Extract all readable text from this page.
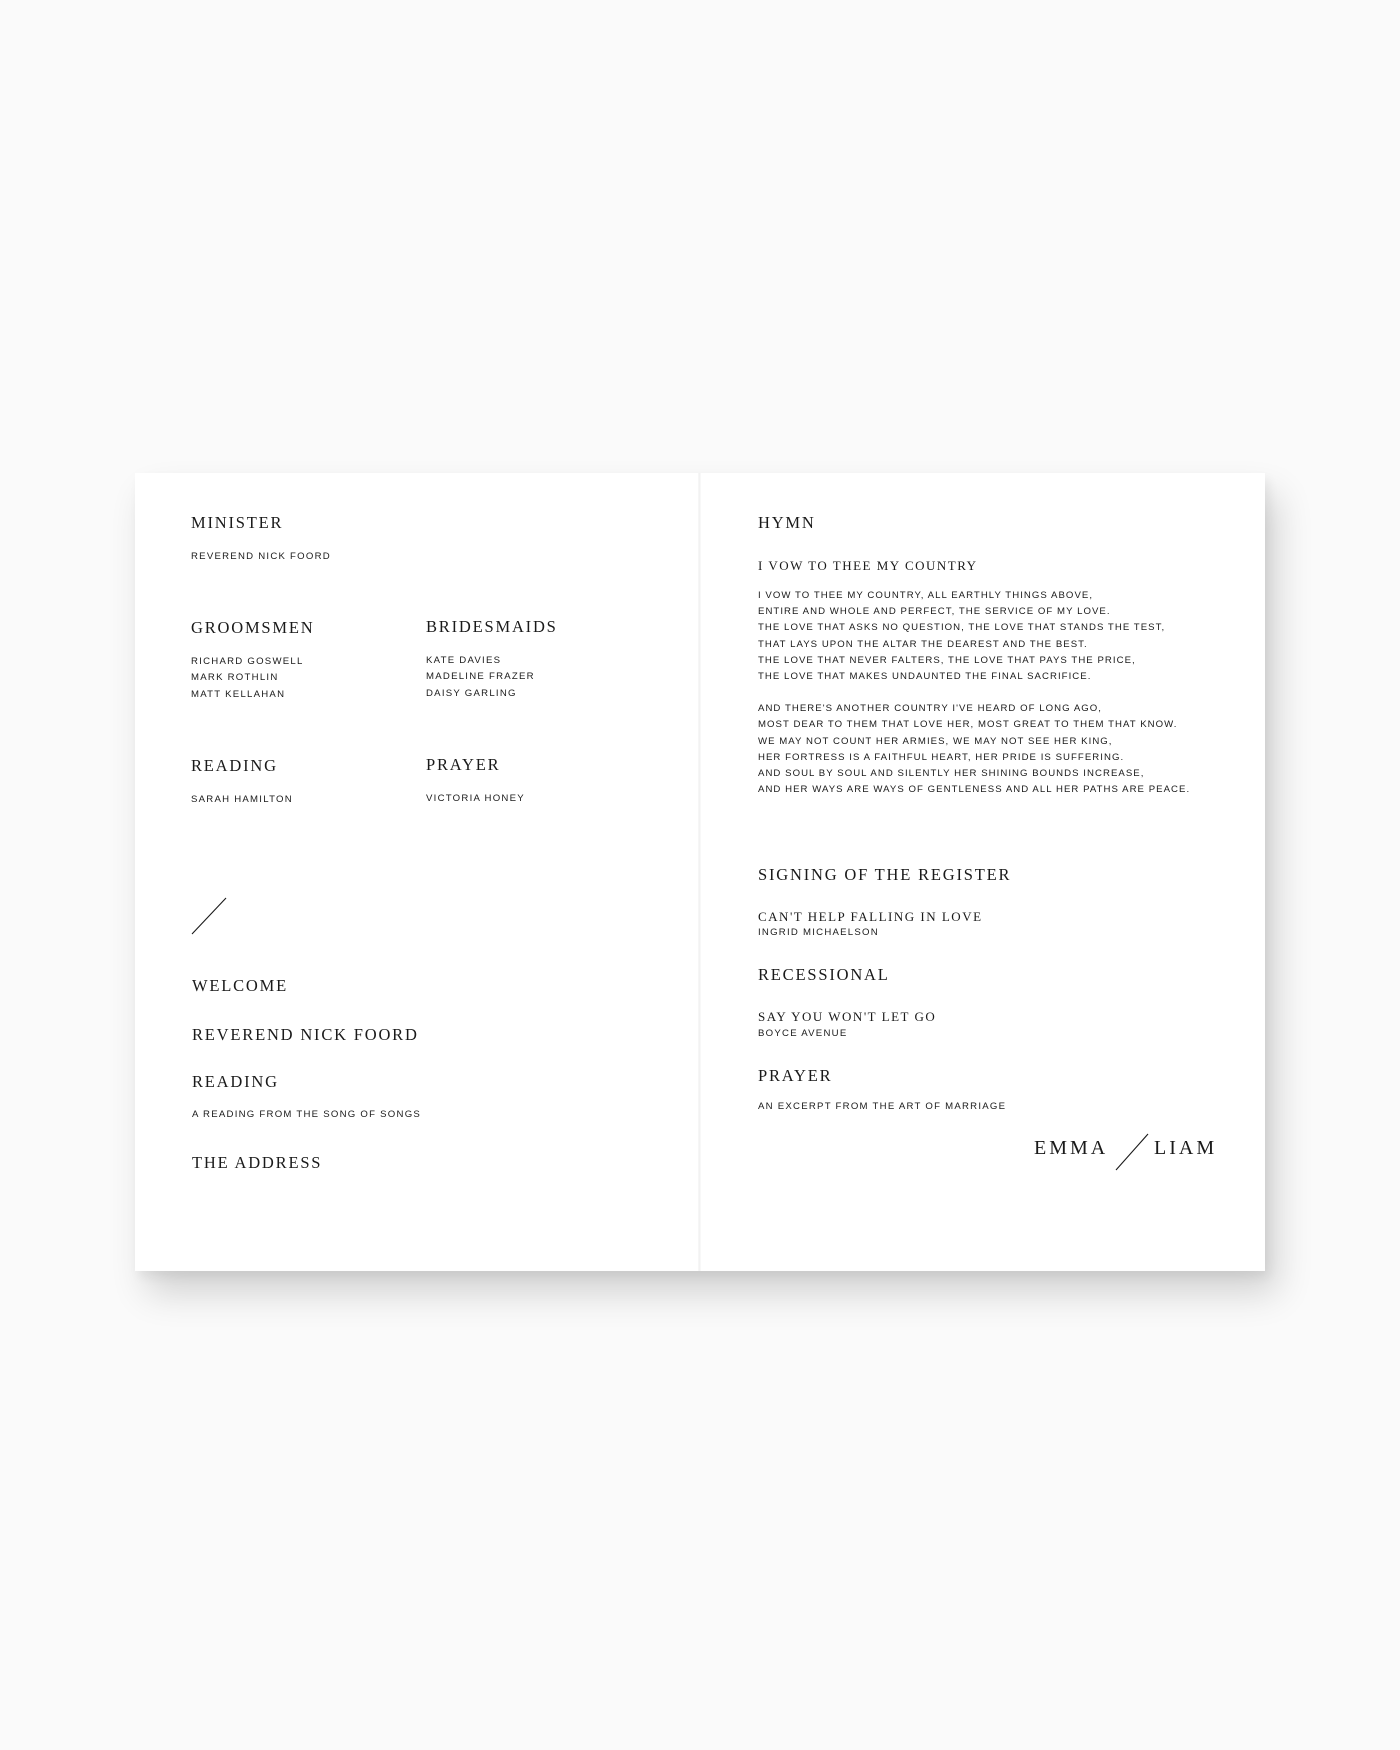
MINISTER
REVEREND NICK FOORD
GROOMSMEN
RICHARD GOSWELL
MARK ROTHLIN
MATT KELLAHAN
BRIDESMAIDS
KATE DAVIES
MADELINE FRAZER
DAISY GARLING
READING
SARAH HAMILTON
PRAYER
VICTORIA HONEY
WELCOME
REVEREND NICK FOORD
READING
A READING FROM THE SONG OF SONGS
THE ADDRESS
HYMN
I VOW TO THEE MY COUNTRY
I VOW TO THEE MY COUNTRY, ALL EARTHLY THINGS ABOVE,
ENTIRE AND WHOLE AND PERFECT, THE SERVICE OF MY LOVE.
THE LOVE THAT ASKS NO QUESTION, THE LOVE THAT STANDS THE TEST,
THAT LAYS UPON THE ALTAR THE DEAREST AND THE BEST.
THE LOVE THAT NEVER FALTERS, THE LOVE THAT PAYS THE PRICE,
THE LOVE THAT MAKES UNDAUNTED THE FINAL SACRIFICE.
AND THERE'S ANOTHER COUNTRY I'VE HEARD OF LONG AGO,
MOST DEAR TO THEM THAT LOVE HER, MOST GREAT TO THEM THAT KNOW.
WE MAY NOT COUNT HER ARMIES, WE MAY NOT SEE HER KING,
HER FORTRESS IS A FAITHFUL HEART, HER PRIDE IS SUFFERING.
AND SOUL BY SOUL AND SILENTLY HER SHINING BOUNDS INCREASE,
AND HER WAYS ARE WAYS OF GENTLENESS AND ALL HER PATHS ARE PEACE.
SIGNING OF THE REGISTER
CAN'T HELP FALLING IN LOVE
INGRID MICHAELSON
RECESSIONAL
SAY YOU WON'T LET GO
BOYCE AVENUE
PRAYER
AN EXCERPT FROM THE ART OF MARRIAGE
EMMA LIAM
